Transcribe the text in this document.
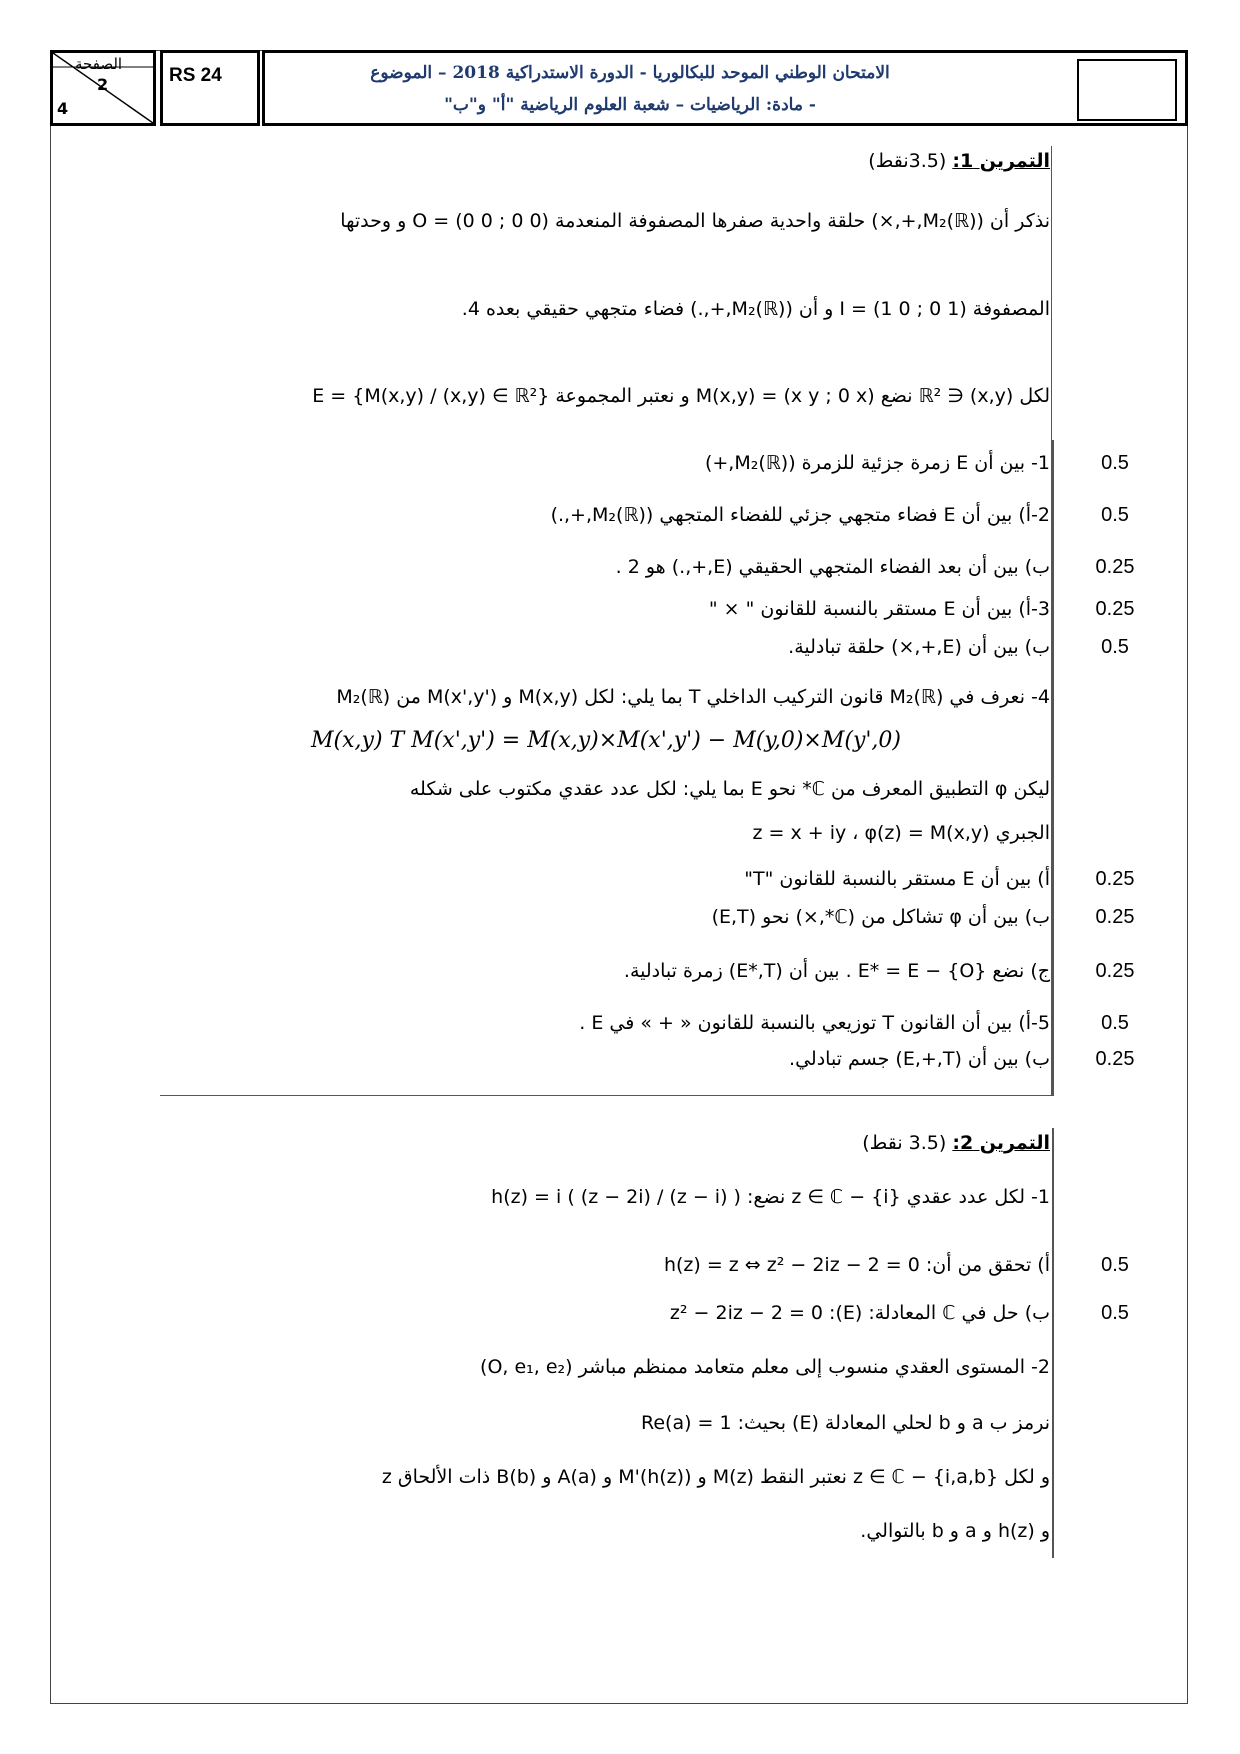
الصفحة
2
4
RS 24	الامتحان الوطني الموحد للبكالوريا - الدورة الاستدراكية 2018 – الموضوع
- مادة: الرياضيات – شعبة العلوم الرياضية "أ" و"ب"
التمرين 1: (3.5نقط)
نذكر أن (M₂(ℝ),+,×) حلقة واحدية صفرها المصفوفة المنعدمة O = (0 0 ; 0 0) و وحدتها
المصفوفة I = (1 0 ; 0 1) و أن (M₂(ℝ),+,.) فضاء متجهي حقيقي بعده 4.
لكل (x,y) ∈ ℝ² نضع M(x,y) = (x y ; 0 x) و نعتبر المجموعة E = {M(x,y) / (x,y) ∈ ℝ²}
1- بين أن E زمرة جزئية للزمرة (M₂(ℝ),+)
2-أ) بين أن E فضاء متجهي جزئي للفضاء المتجهي (M₂(ℝ),+,.)
ب) بين أن بعد الفضاء المتجهي الحقيقي (E,+,.) هو 2 .
3-أ) بين أن E مستقر بالنسبة للقانون " × "
ب) بين أن (E,+,×) حلقة تبادلية.
4- نعرف في M₂(ℝ) قانون التركيب الداخلي T بما يلي: لكل M(x,y) و M(x',y') من M₂(ℝ)
M(x,y) T M(x',y') = M(x,y)×M(x',y') − M(y,0)×M(y',0)
ليكن φ التطبيق المعرف من ℂ* نحو E بما يلي: لكل عدد عقدي مكتوب على شكله
الجبري z = x + iy ، φ(z) = M(x,y)
أ) بين أن E مستقر بالنسبة للقانون "T"
ب) بين أن φ تشاكل من (ℂ*,×) نحو (E,T)
ج) نضع E* = E − {O} . بين أن (E*,T) زمرة تبادلية.
5-أ) بين أن القانون T توزيعي بالنسبة للقانون « + » في E .
ب) بين أن (E,+,T) جسم تبادلي.
0.5
0.5
0.25
0.25
0.5
0.25
0.25
0.25
0.5
0.25
التمرين 2: (3.5 نقط)
1- لكل عدد عقدي z ∈ ℂ − {i} نضع: h(z) = i ( (z − 2i) / (z − i) )
أ) تحقق من أن: h(z) = z ⇔ z² − 2iz − 2 = 0
ب) حل في ℂ المعادلة: (E): z² − 2iz − 2 = 0
2- المستوى العقدي منسوب إلى معلم متعامد ممنظم مباشر (O, e₁, e₂)
نرمز ب a و b لحلي المعادلة (E) بحيث: Re(a) = 1
و لكل z ∈ ℂ − {i,a,b} نعتبر النقط M(z) و M'(h(z)) و A(a) و B(b) ذات الألحاق z
و h(z) و a و b بالتوالي.
0.5
0.5
